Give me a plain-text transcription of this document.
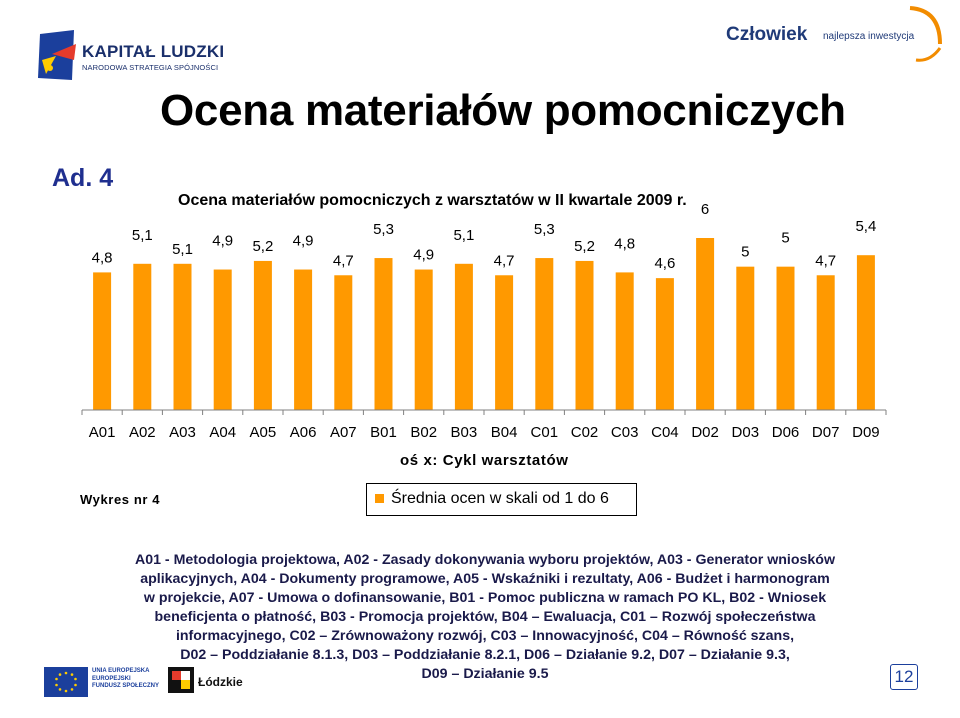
KAPITAŁ LUDZKI
NARODOWA STRATEGIA SPÓJNOŚCI
Człowiek najlepsza inwestycja
Ocena materiałów pomocniczych
Ad. 4
Ocena materiałów pomocniczych z warsztatów w II kwartale 2009 r.
4,8
5,1
5,1 4,9 5,2 4,9
4,7
5,3
4,9
5,1
4,7
5,3
5,2 4,8
4,6
6
5
5
4,7
5,4
A01 A02 A03 A04 A05 A06 A07 B01 B02 B03 B04 C01 C02 C03 C04 D02 D03 D06 D07 D09
oś x: Cykl warsztatów
Wykres nr 4	Średnia ocen w skali od 1 do 6
A01 - Metodologia projektowa, A02 - Zasady dokonywania wyboru projektów, A03 - Generator wniosków
aplikacyjnych, A04 - Dokumenty programowe, A05 - Wskaźniki i rezultaty, A06 - Budżet i harmonogram
w projekcie, A07 - Umowa o dofinansowanie, B01 - Pomoc publiczna w ramach PO KL, B02 - Wniosek
beneficjenta o płatność, B03 - Promocja projektów, B04 – Ewaluacja, C01 – Rozwój społeczeństwa
informacyjnego, C02 – Zrównoważony rozwój, C03 – Innowacyjność, C04 – Równość szans,
D02 – Poddziałanie 8.1.3, D03 – Poddziałanie 8.2.1, D06 – Działanie 9.2, D07 – Działanie 9.3,
D09 – Działanie 9.5
UNIA EUROPEJSKA
EUROPEJSKI
FUNDUSZ SPOŁECZNY	Łódzkie	12
